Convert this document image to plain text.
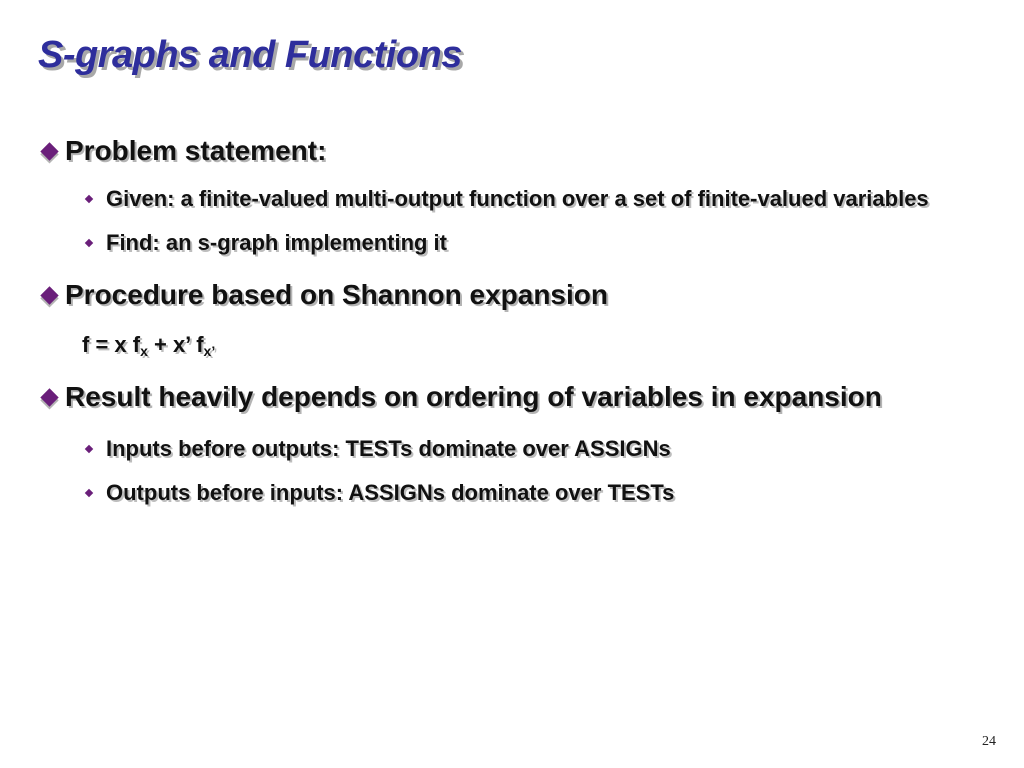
S-graphs and Functions
Problem statement:
Given: a finite-valued multi-output function over a set of finite-valued variables
Find: an s-graph implementing it
Procedure based on Shannon expansion
f = x $f_x + x$’ $f_{x’}$
Result heavily depends on ordering of variables in expansion
Inputs before outputs: TESTs dominate over ASSIGNs
Outputs before inputs: ASSIGNs dominate over TESTs
24
